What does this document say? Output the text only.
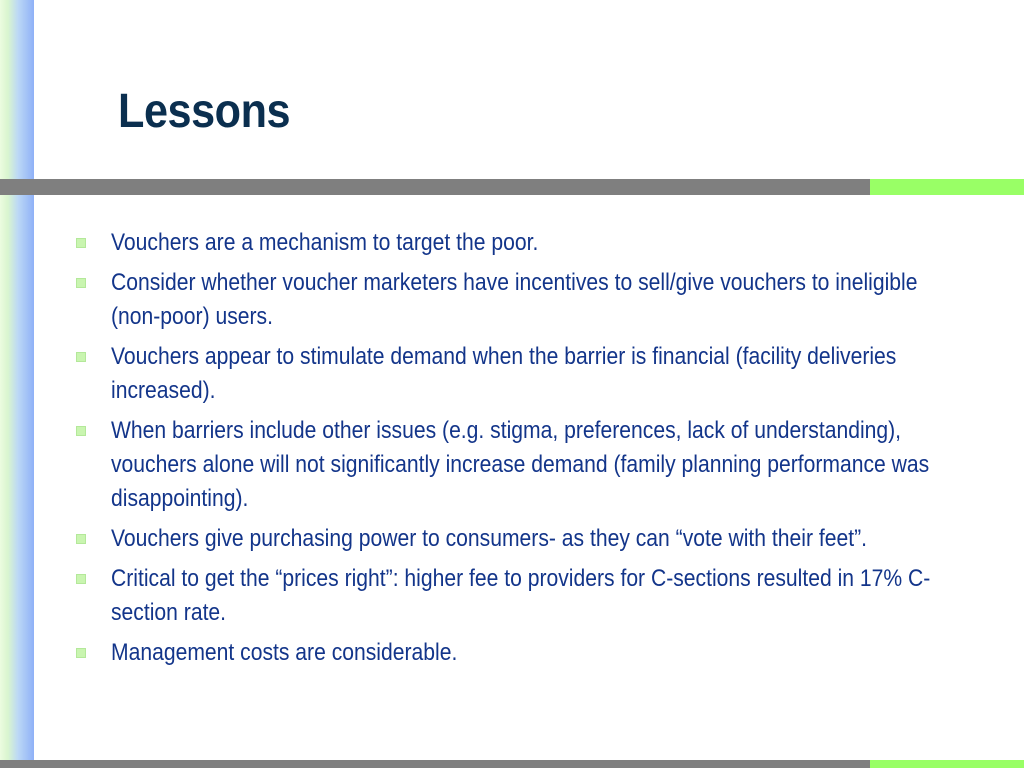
Lessons
Vouchers are a mechanism to target the poor.
Consider whether voucher marketers have incentives to sell/give vouchers to ineligible (non-poor) users.
Vouchers appear to stimulate demand when the barrier is financial (facility deliveries increased).
When barriers include other issues (e.g. stigma, preferences, lack of understanding), vouchers alone will not significantly increase demand (family planning performance was disappointing).
Vouchers give purchasing power to consumers- as they can “vote with their feet”.
Critical to get the “prices right”: higher fee to providers for C-sections resulted in 17% C-section rate.
Management costs are considerable.
